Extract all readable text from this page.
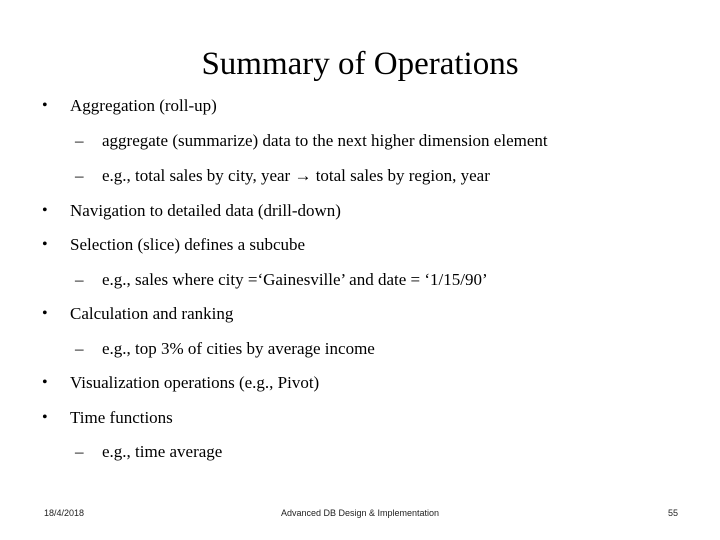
Summary of Operations
• Aggregation (roll-up)
– aggregate (summarize) data to the next higher dimension element
– e.g., total sales by city, year → total sales by region, year
• Navigation to detailed data (drill-down)
• Selection (slice) defines a subcube
– e.g., sales where city =‘Gainesville’ and date = ‘1/15/90’
• Calculation and ranking
– e.g., top 3% of cities by average income
• Visualization operations (e.g., Pivot)
• Time functions
– e.g., time average
18/4/2018	Advanced DB Design & Implementation	55
